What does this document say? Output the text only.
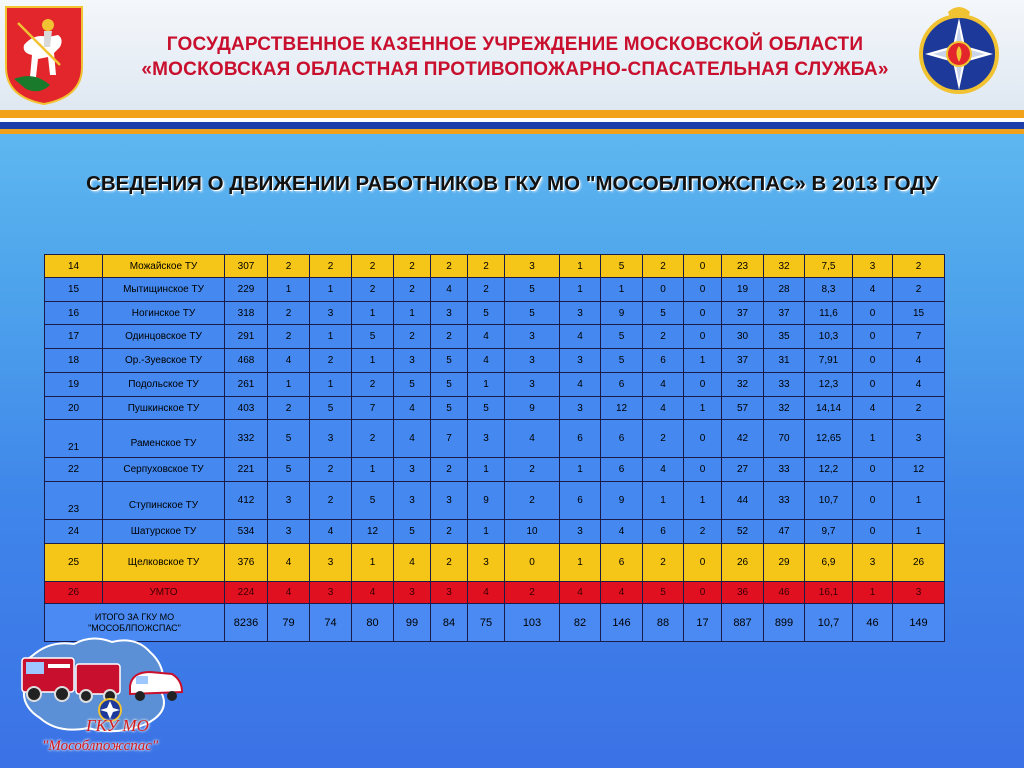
ГОСУДАРСТВЕННОЕ КАЗЕННОЕ УЧРЕЖДЕНИЕ МОСКОВСКОЙ ОБЛАСТИ
«МОСКОВСКАЯ ОБЛАСТНАЯ ПРОТИВОПОЖАРНО-СПАСАТЕЛЬНАЯ СЛУЖБА»
СВЕДЕНИЯ О ДВИЖЕНИИ РАБОТНИКОВ ГКУ МО "МОСОБЛПОЖСПАС» В 2013 ГОДУ
14	Можайское ТУ	307	2	2	2	2	2	2	3	1	5	2	0	23	32	7,5	3	2
15	Мытищинское ТУ	229	1	1	2	2	4	2	5	1	1	0	0	19	28	8,3	4	2
16	Ногинское ТУ	318	2	3	1	1	3	5	5	3	9	5	0	37	37	11,6	0	15
17	Одинцовское ТУ	291	2	1	5	2	2	4	3	4	5	2	0	30	35	10,3	0	7
18	Ор.-Зуевское ТУ	468	4	2	1	3	5	4	3	3	5	6	1	37	31	7,91	0	4
19	Подольское ТУ	261	1	1	2	5	5	1	3	4	6	4	0	32	33	12,3	0	4
20	Пушкинское ТУ	403	2	5	7	4	5	5	9	3	12	4	1	57	32	14,14	4	2
21	Раменское ТУ	332	5	3	2	4	7	3	4	6	6	2	0	42	70	12,65	1	3
22	Серпуховское ТУ	221	5	2	1	3	2	1	2	1	6	4	0	27	33	12,2	0	12
23	Ступинское ТУ	412	3	2	5	3	3	9	2	6	9	1	1	44	33	10,7	0	1
24	Шатурское ТУ	534	3	4	12	5	2	1	10	3	4	6	2	52	47	9,7	0	1
25	Щелковское ТУ	376	4	3	1	4	2	3	0	1	6	2	0	26	29	6,9	3	26
26	УМТО	224	4	3	4	3	3	4	2	4	4	5	0	36	46	16,1	1	3

ИТОГО ЗА ГКУ МО
"МОСОБЛПОЖСПАС"		8236	79	74	80	99	84	75	103	82	146	88	17	887	899	10,7	46	149
ГКУ МО
"Мособлпожспас"
